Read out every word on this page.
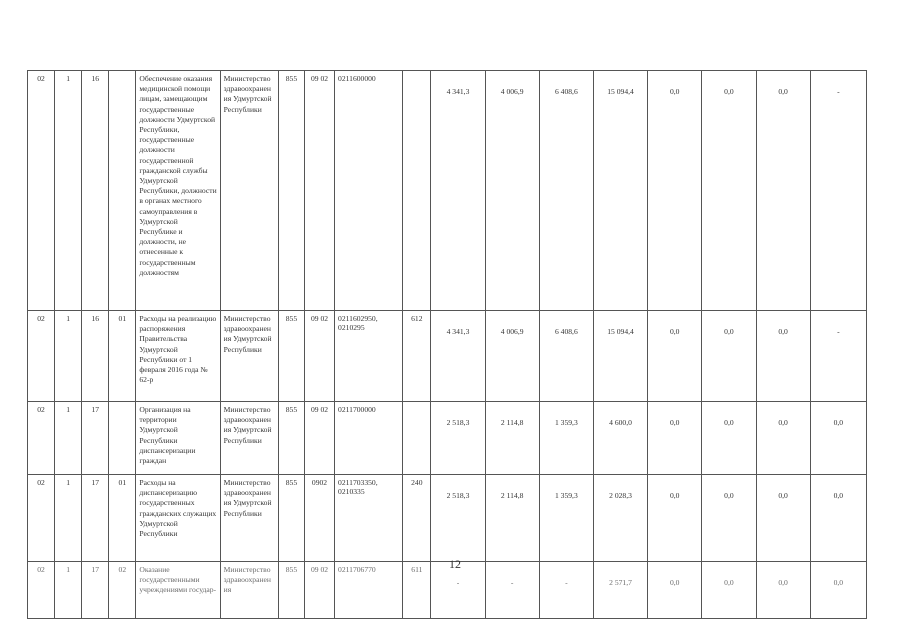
02	1	16		Обеспечение оказания медицинской помощи лицам, замещающим государственные должности Удмуртской Республики, государственные должности государственной гражданской службы Удмуртской Республики, должности в органах местного самоуправления в Удмуртской Республике и должности, не отнесенные к государственным должностям	Министерство здравоохранения Удмуртской Республики	855	09 02	0211600000		4 341,3	4 006,9	6 408,6	15 094,4	0,0	0,0	0,0	-
02	1	16	01	Расходы на реализацию распоряжения Правительства Удмуртской Республики от 1 февраля 2016 года № 62-р	Министерство здравоохранения Удмуртской Республики	855	09 02	0211602950, 0210295	612	4 341,3	4 006,9	6 408,6	15 094,4	0,0	0,0	0,0	-
02	1	17		Организация на территории Удмуртской Республики диспансеризации граждан	Министерство здравоохранения Удмуртской Республики	855	09 02	0211700000		2 518,3	2 114,8	1 359,3	4 600,0	0,0	0,0	0,0	0,0
02	1	17	01	Расходы на диспансеризацию государственных гражданских служащих Удмуртской Республики	Министерство здравоохранения Удмуртской Республики	855	0902	0211703350, 0210335	240	2 518,3	2 114,8	1 359,3	2 028,3	0,0	0,0	0,0	0,0
02	1	17	02	Оказание государственными учреждениями государ-	Министерство здравоохранения	855	09 02	0211706770	611	-	-	-	2 571,7	0,0	0,0	0,0	0,0
12
